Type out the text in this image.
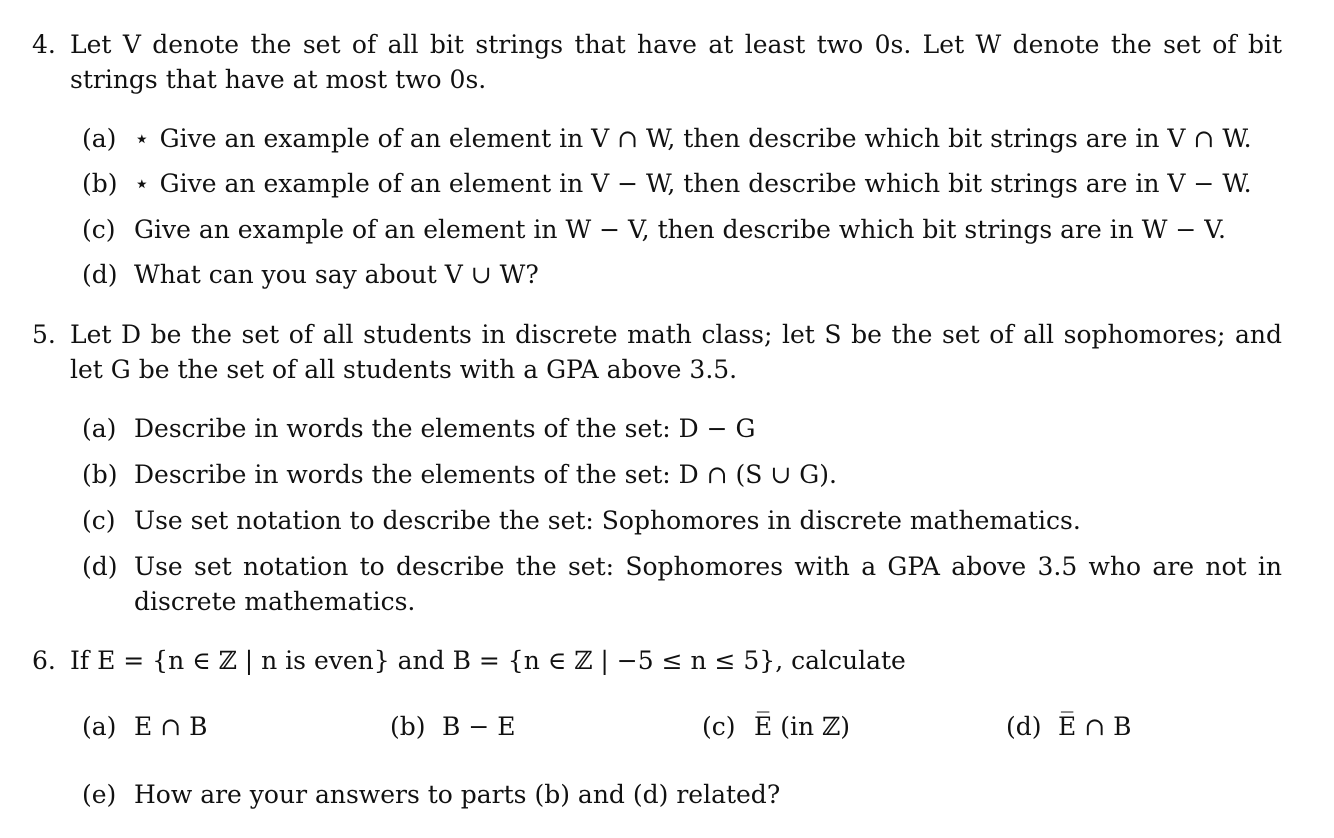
4. Let V denote the set of all bit strings that have at least two 0s. Let W denote the set of bit strings that have at most two 0s.
(a) ⋆ Give an example of an element in V ∩ W, then describe which bit strings are in V ∩ W.
(b) ⋆ Give an example of an element in V − W, then describe which bit strings are in V − W.
(c) Give an example of an element in W − V, then describe which bit strings are in W − V.
(d) What can you say about V ∪ W?
5. Let D be the set of all students in discrete math class; let S be the set of all sophomores; and let G be the set of all students with a GPA above 3.5.
(a) Describe in words the elements of the set: D − G
(b) Describe in words the elements of the set: D ∩ (S ∪ G).
(c) Use set notation to describe the set: Sophomores in discrete mathematics.
(d) Use set notation to describe the set: Sophomores with a GPA above 3.5 who are not in discrete mathematics.
6. If E = {n ∈ ℤ | n is even} and B = {n ∈ ℤ | −5 ≤ n ≤ 5}, calculate
(a) E ∩ B	(b) B − E	(c) E̅ (in ℤ)	(d) E̅ ∩ B
(e) How are your answers to parts (b) and (d) related?
